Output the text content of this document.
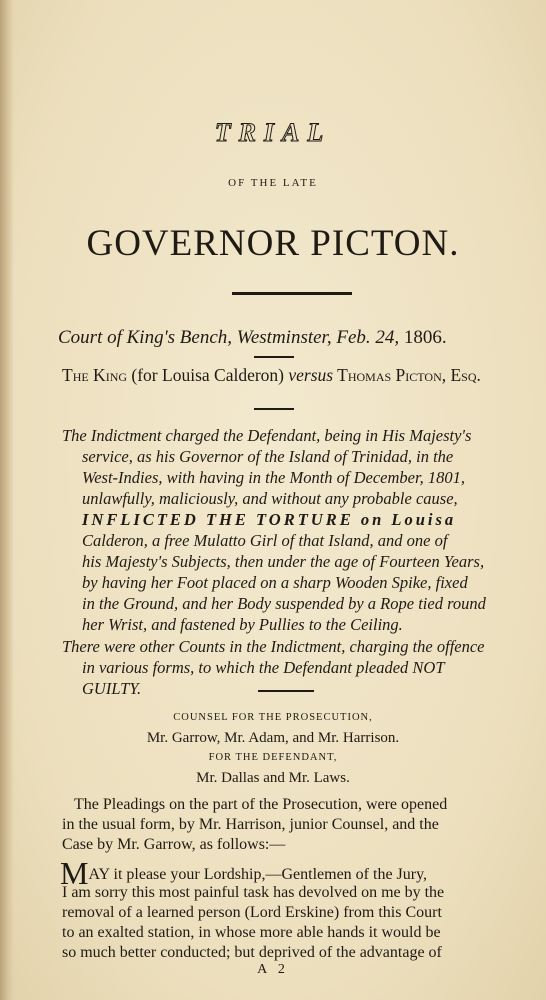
TRIAL
OF THE LATE
GOVERNOR PICTON.
Court of King's Bench, Westminster, Feb. 24, 1806.
The King (for Louisa Calderon) versus Thomas Picton, Esq.
The Indictment charged the Defendant, being in His Majesty's
service, as his Governor of the Island of Trinidad, in the
West-Indies, with having in the Month of December, 1801,
unlawfully, maliciously, and without any probable cause,
INFLICTED THE TORTURE on Louisa
Calderon, a free Mulatto Girl of that Island, and one of
his Majesty's Subjects, then under the age of Fourteen Years,
by having her Foot placed on a sharp Wooden Spike, fixed
in the Ground, and her Body suspended by a Rope tied round
her Wrist, and fastened by Pullies to the Ceiling.
There were other Counts in the Indictment, charging the offence
in various forms, to which the Defendant pleaded NOT
GUILTY.
COUNSEL FOR THE PROSECUTION,
Mr. Garrow, Mr. Adam, and Mr. Harrison.
FOR THE DEFENDANT,
Mr. Dallas and Mr. Laws.
The Pleadings on the part of the Prosecution, were opened
in the usual form, by Mr. Harrison, junior Counsel, and the
Case by Mr. Garrow, as follows:—
MAY it please your Lordship,—Gentlemen of the Jury,
I am sorry this most painful task has devolved on me by the
removal of a learned person (Lord Erskine) from this Court
to an exalted station, in whose more able hands it would be
so much better conducted; but deprived of the advantage of
A 2
